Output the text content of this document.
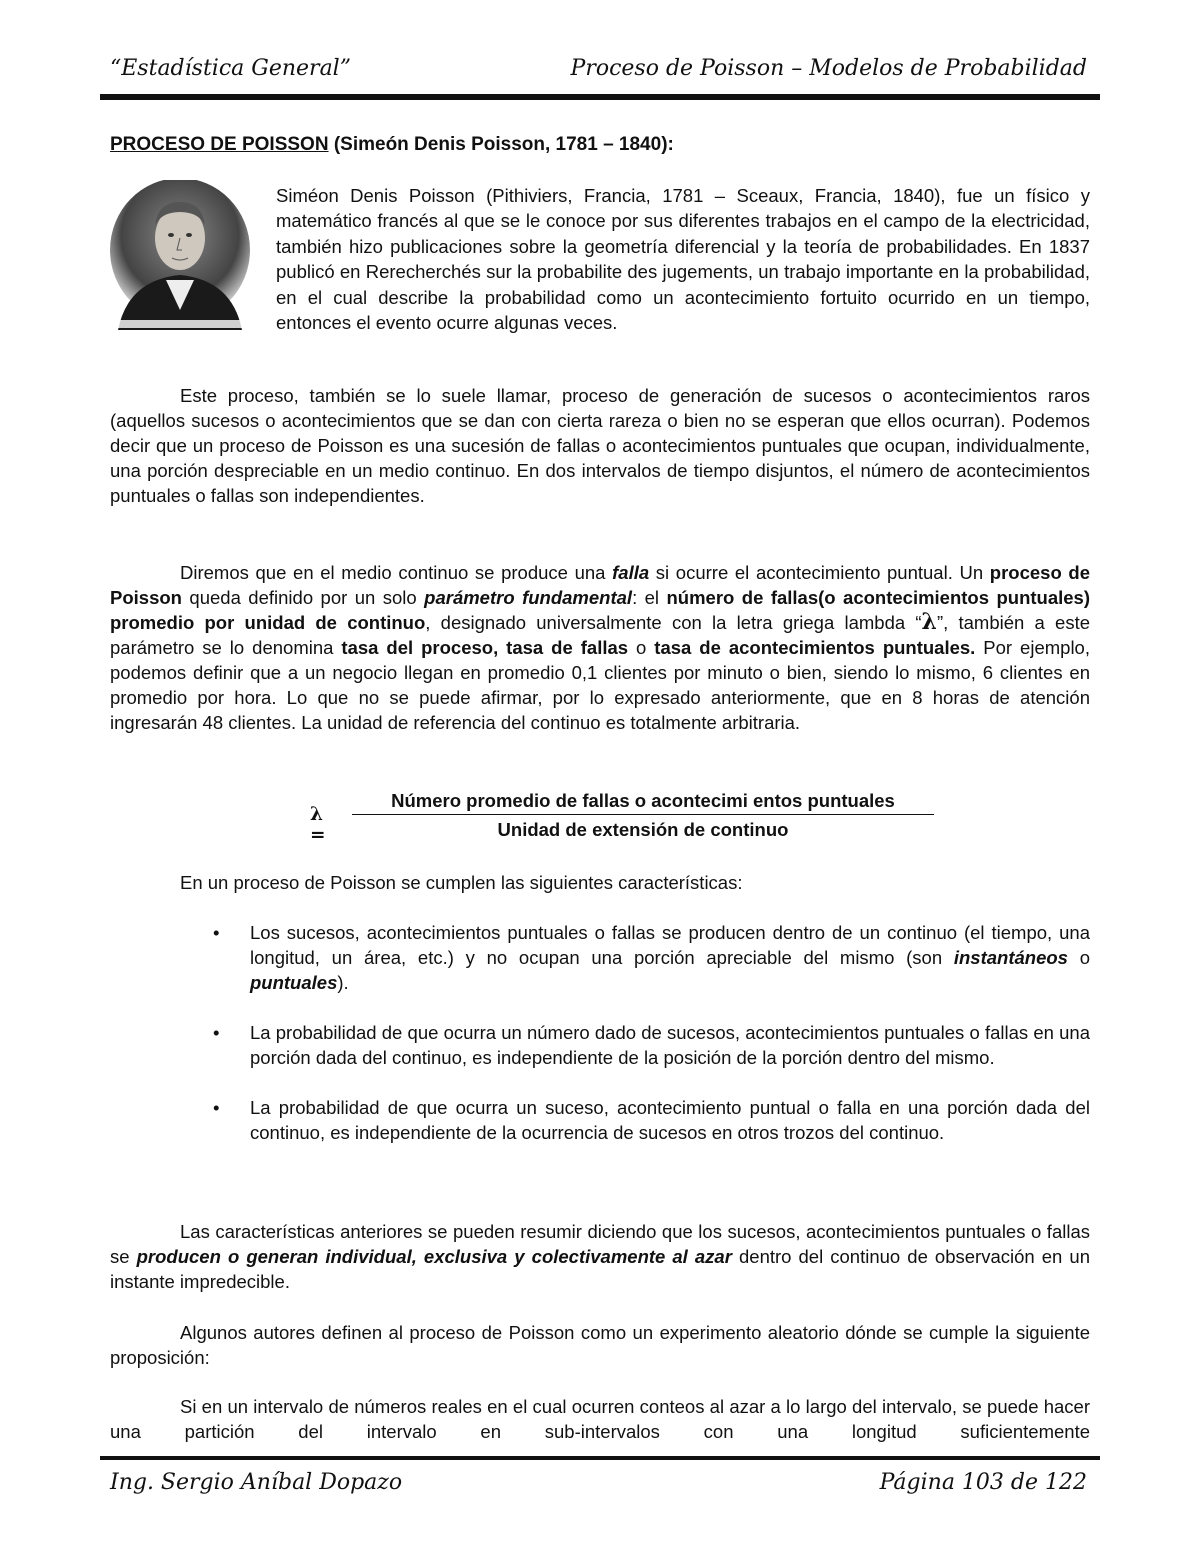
“Estadística General”	Proceso de Poisson – Modelos de Probabilidad
PROCESO DE POISSON (Simeón Denis Poisson, 1781 – 1840):
Siméon Denis Poisson (Pithiviers, Francia, 1781 – Sceaux, Francia, 1840), fue un físico y matemático francés al que se le conoce por sus diferentes trabajos en el campo de la electricidad, también hizo publicaciones sobre la geometría diferencial y la teoría de probabilidades. En 1837 publicó en Rerecherchés sur la probabilite des jugements, un trabajo importante en la probabilidad, en el cual describe la probabilidad como un acontecimiento fortuito ocurrido en un tiempo, entonces el evento ocurre algunas veces.

Este proceso, también se lo suele llamar, proceso de generación de sucesos o acontecimientos raros (aquellos sucesos o acontecimientos que se dan con cierta rareza o bien no se esperan que ellos ocurran). Podemos decir que un proceso de Poisson es una sucesión de fallas o acontecimientos puntuales que ocupan, individualmente, una porción despreciable en un medio continuo. En dos intervalos de tiempo disjuntos, el número de acontecimientos puntuales o fallas son independientes.

Diremos que en el medio continuo se produce una falla si ocurre el acontecimiento puntual. Un proceso de Poisson queda definido por un solo parámetro fundamental: el número de fallas(o acontecimientos puntuales) promedio por unidad de continuo, designado universalmente con la letra griega lambda “λ”, también a este parámetro se lo denomina tasa del proceso, tasa de fallas o tasa de acontecimientos puntuales. Por ejemplo, podemos definir que a un negocio llegan en promedio 0,1 clientes por minuto o bien, siendo lo mismo, 6 clientes en promedio por hora. Lo que no se puede afirmar, por lo expresado anteriormente, que en 8 horas de atención ingresarán 48 clientes. La unidad de referencia del continuo es totalmente arbitraria.

λ =
Número promedio de fallas o acontecimi entos puntuales
Unidad de extensión de continuo

En un proceso de Poisson se cumplen las siguientes características:

• Los sucesos, acontecimientos puntuales o fallas se producen dentro de un continuo (el tiempo, una longitud, un área, etc.) y no ocupan una porción apreciable del mismo (son instantáneos o puntuales).

• La probabilidad de que ocurra un número dado de sucesos, acontecimientos puntuales o fallas en una porción dada del continuo, es independiente de la posición de la porción dentro del mismo.

• La probabilidad de que ocurra un suceso, acontecimiento puntual o falla en una porción dada del continuo, es independiente de la ocurrencia de sucesos en otros trozos del continuo.

Las características anteriores se pueden resumir diciendo que los sucesos, acontecimientos puntuales o fallas se producen o generan individual, exclusiva y colectivamente al azar dentro del continuo de observación en un instante impredecible.

Algunos autores definen al proceso de Poisson como un experimento aleatorio dónde se cumple la siguiente proposición:

Si en un intervalo de números reales en el cual ocurren conteos al azar a lo largo del intervalo, se puede hacer una partición del intervalo en sub-intervalos con una longitud suficientemente

Ing. Sergio Aníbal Dopazo	Página 103 de 122
